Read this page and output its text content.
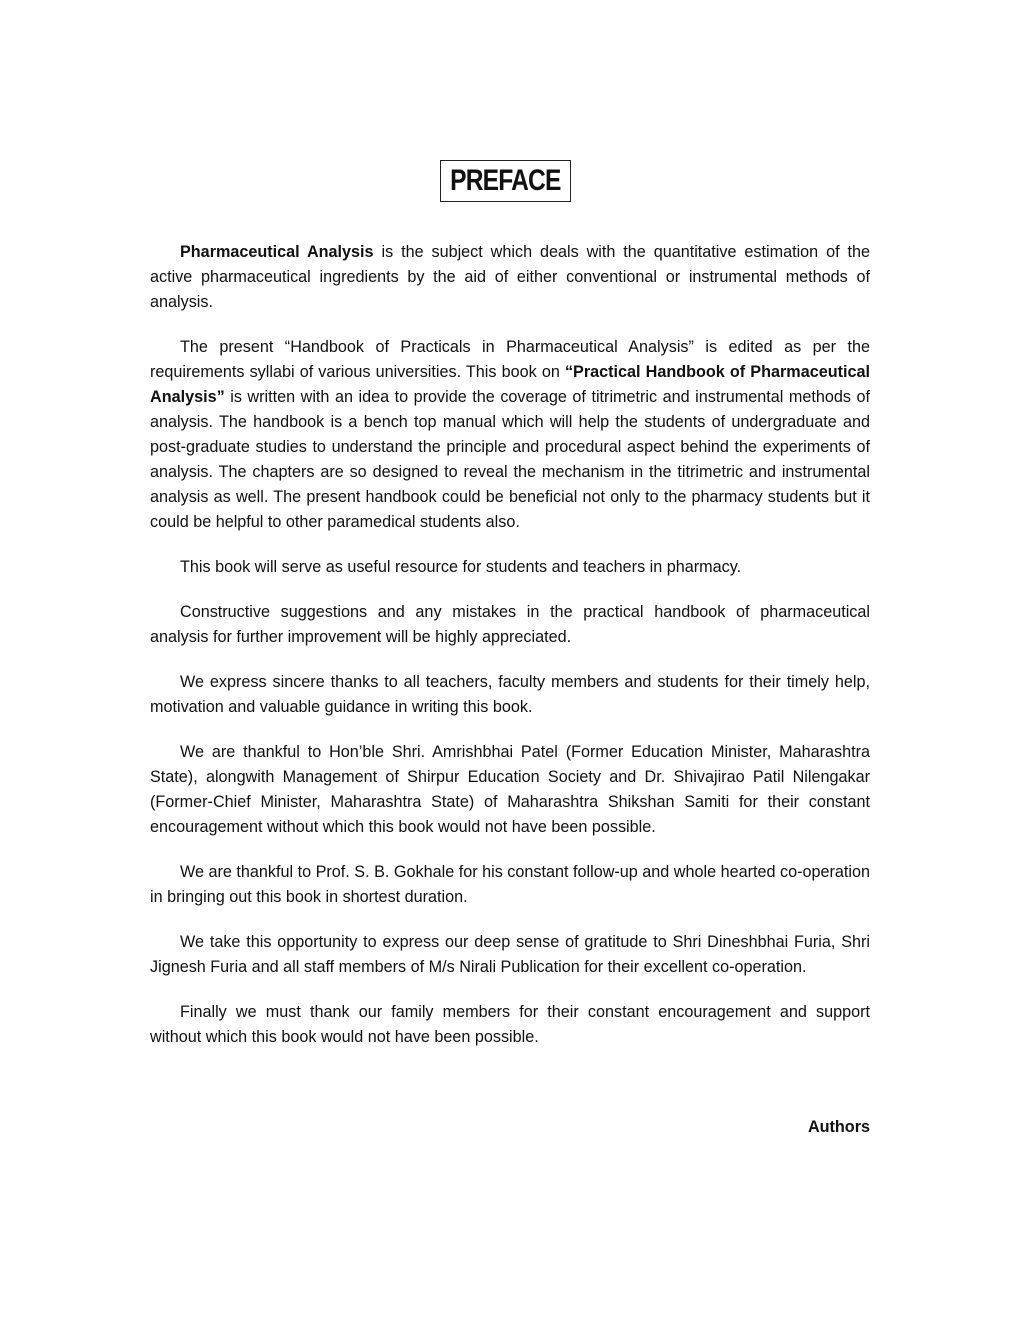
PREFACE

Pharmaceutical Analysis is the subject which deals with the quantitative estimation of the active pharmaceutical ingredients by the aid of either conventional or instrumental methods of analysis.

The present “Handbook of Practicals in Pharmaceutical Analysis” is edited as per the requirements syllabi of various universities. This book on “Practical Handbook of Pharmaceutical Analysis” is written with an idea to provide the coverage of titrimetric and instrumental methods of analysis. The handbook is a bench top manual which will help the students of undergraduate and post-graduate studies to understand the principle and procedural aspect behind the experiments of analysis. The chapters are so designed to reveal the mechanism in the titrimetric and instrumental analysis as well. The present handbook could be beneficial not only to the pharmacy students but it could be helpful to other paramedical students also.

This book will serve as useful resource for students and teachers in pharmacy.

Constructive suggestions and any mistakes in the practical handbook of pharmaceutical analysis for further improvement will be highly appreciated.

We express sincere thanks to all teachers, faculty members and students for their timely help, motivation and valuable guidance in writing this book.

We are thankful to Hon’ble Shri. Amrishbhai Patel (Former Education Minister, Maharashtra State), alongwith Management of Shirpur Education Society and Dr. Shivajirao Patil Nilengakar (Former-Chief Minister, Maharashtra State) of Maharashtra Shikshan Samiti for their constant encouragement without which this book would not have been possible.

We are thankful to Prof. S. B. Gokhale for his constant follow-up and whole hearted co-operation in bringing out this book in shortest duration.

We take this opportunity to express our deep sense of gratitude to Shri Dineshbhai Furia, Shri Jignesh Furia and all staff members of M/s Nirali Publication for their excellent co-operation.

Finally we must thank our family members for their constant encouragement and support without which this book would not have been possible.

Authors
